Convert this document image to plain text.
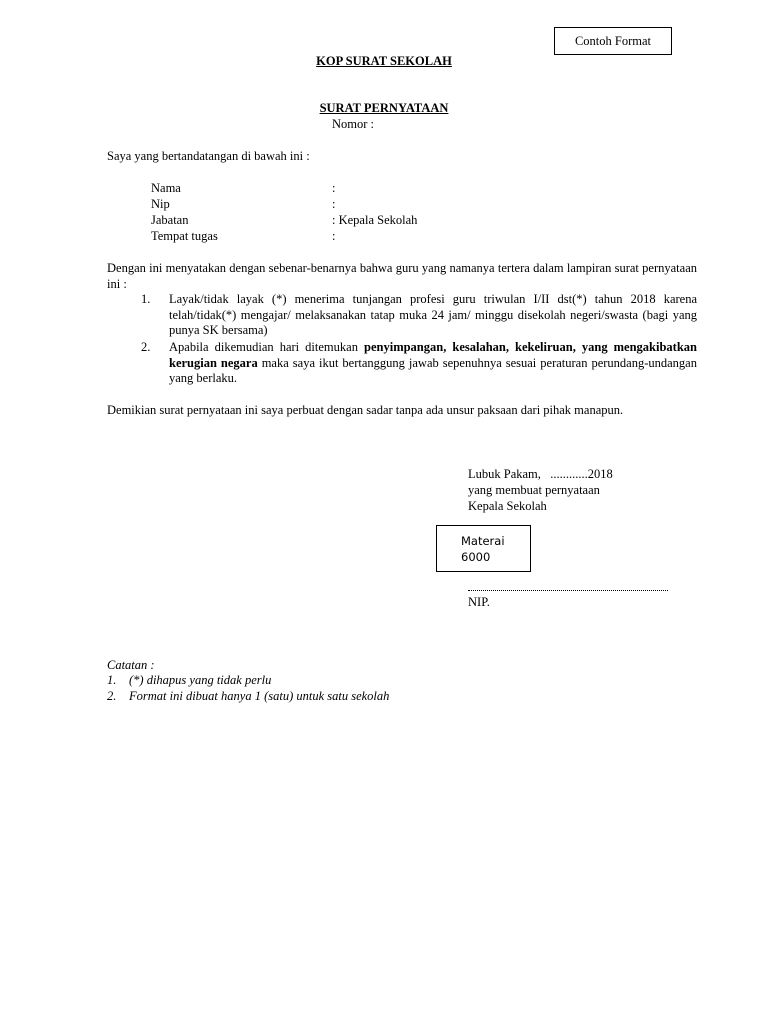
Contoh Format
KOP SURAT SEKOLAH
SURAT PERNYATAAN
Nomor :
Saya yang bertandatangan di bawah ini :
Nama	:
Nip	:
Jabatan	: Kepala Sekolah
Tempat tugas	:
Dengan ini menyatakan dengan sebenar-benarnya bahwa guru yang namanya tertera dalam lampiran surat pernyataan ini :
1. Layak/tidak layak (*) menerima tunjangan profesi guru triwulan I/II dst(*) tahun 2018 karena telah/tidak(*) mengajar/ melaksanakan tatap muka 24 jam/ minggu disekolah negeri/swasta (bagi yang punya SK bersama)
2. Apabila dikemudian hari ditemukan penyimpangan, kesalahan, kekeliruan, yang mengakibatkan kerugian negara maka saya ikut bertanggung jawab sepenuhnya sesuai peraturan perundang-undangan yang berlaku.
Demikian surat pernyataan ini saya perbuat dengan sadar tanpa ada unsur paksaan dari pihak manapun.
Lubuk Pakam,   ............2018
yang membuat pernyataan
Kepala Sekolah
Materai
6000
NIP.
Catatan :
1. (*) dihapus yang tidak perlu
2. Format ini dibuat hanya 1 (satu) untuk satu sekolah
